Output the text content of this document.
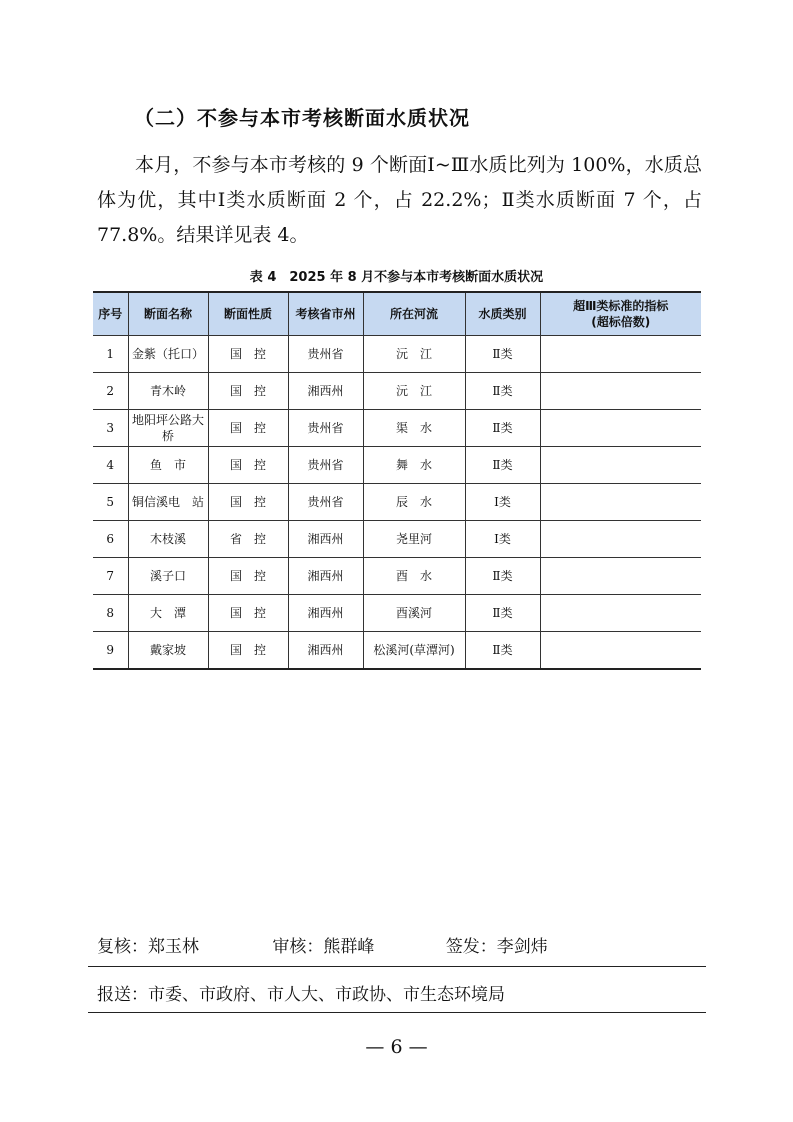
（二）不参与本市考核断面水质状况

本月，不参与本市考核的 9 个断面Ⅰ~Ⅲ水质比列为 100%，水质总体为优，其中Ⅰ类水质断面 2 个，占 22.2%；Ⅱ类水质断面 7 个，占 77.8%。结果详见表 4。

表 4　2025 年 8 月不参与本市考核断面水质状况
序号	断面名称	断面性质	考核省市州	所在河流	水质类别	超Ⅲ类标准的指标
(超标倍数)

1	金紫（托口）	国　控	贵州省	沅　江	Ⅱ类	
2	青木岭	国　控	湘西州	沅　江	Ⅱ类	
3	地阳坪公路大桥	国　控	贵州省	渠　水	Ⅱ类	
4	鱼　市	国　控	贵州省	舞　水	Ⅱ类	
5	铜信溪电　站	国　控	贵州省	辰　水	Ⅰ类	
6	木枝溪	省　控	湘西州	尧里河	Ⅰ类	
7	溪子口	国　控	湘西州	酉　水	Ⅱ类	
8	大　潭	国　控	湘西州	酉溪河	Ⅱ类	
9	戴家坡	国　控	湘西州	松溪河(草潭河)	Ⅱ类	
复核：郑玉林	审核：熊群峰	签发：李剑炜
报送：市委、市政府、市人大、市政协、市生态环境局
— 6 —
